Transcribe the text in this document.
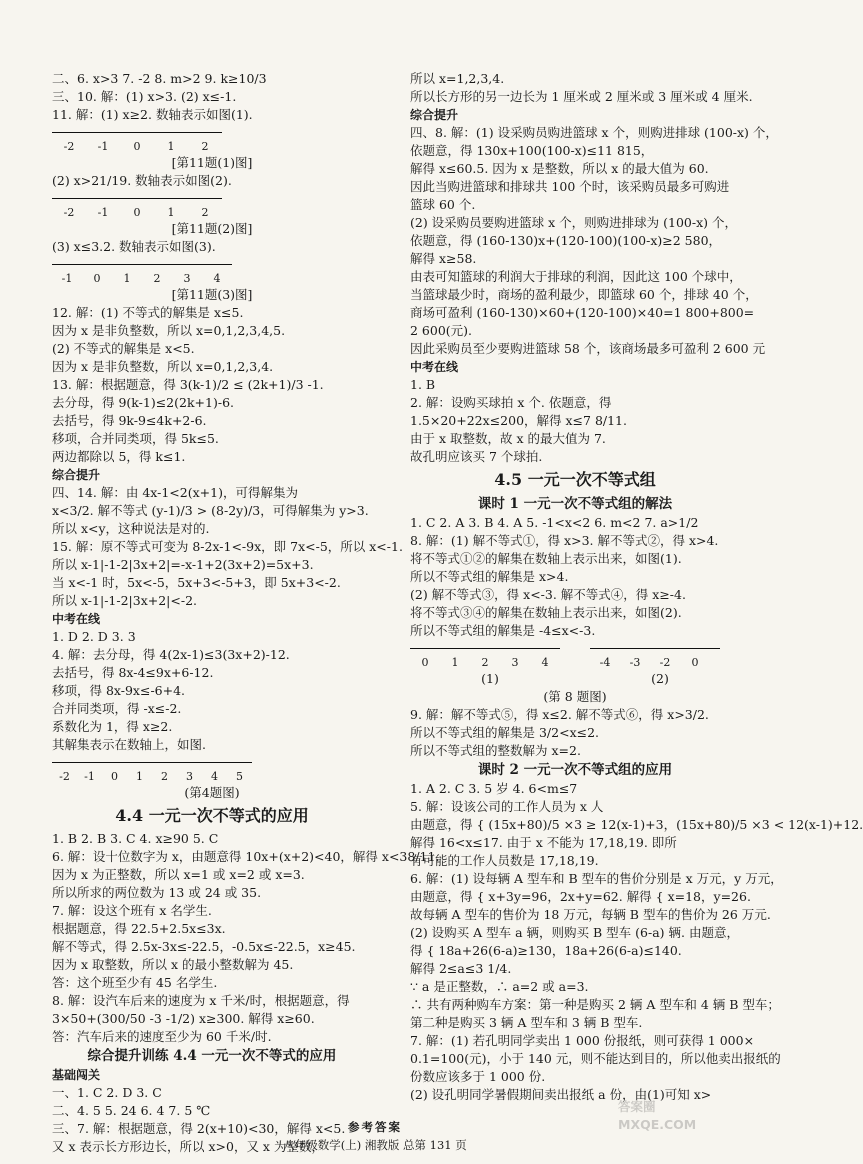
二、6. x>3 7. -2 8. m>2 9. k≥10/3
三、10. 解：(1) x>3. (2) x≤-1.
11. 解：(1) x≥2. 数轴表示如图(1).
-2	-1	0	1	2
[第11题(1)图]
(2) x>21/19. 数轴表示如图(2).
-2	-1	0	1	2
[第11题(2)图]
(3) x≤3.2. 数轴表示如图(3).
-1	0	1	2	3	4
[第11题(3)图]
12. 解：(1) 不等式的解集是 x≤5.
因为 x 是非负整数，所以 x=0,1,2,3,4,5.
(2) 不等式的解集是 x<5.
因为 x 是非负整数，所以 x=0,1,2,3,4.
13. 解：根据题意，得 3(k-1)/2 ≤ (2k+1)/3 -1.
去分母，得 9(k-1)≤2(2k+1)-6.
去括号，得 9k-9≤4k+2-6.
移项，合并同类项，得 5k≤5.
两边都除以 5，得 k≤1.
综合提升
四、14. 解：由 4x-1<2(x+1)，可得解集为
x<3/2. 解不等式 (y-1)/3 > (8-2y)/3，可得解集为 y>3.
所以 x<y，这种说法是对的.
15. 解：原不等式可变为 8-2x-1<-9x，即 7x<-5，所以 x<-1.
所以 x-1|-1-2|3x+2|=-x-1+2(3x+2)=5x+3.
当 x<-1 时，5x<-5，5x+3<-5+3，即 5x+3<-2.
所以 x-1|-1-2|3x+2|<-2.
中考在线
1. D 2. D 3. 3
4. 解：去分母，得 4(2x-1)≤3(3x+2)-12.
去括号，得 8x-4≤9x+6-12.
移项，得 8x-9x≤-6+4.
合并同类项，得 -x≤-2.
系数化为 1，得 x≥2.
其解集表示在数轴上，如图.
-2	-1	0	1	2	3	4	5
(第4题图)
4.4 一元一次不等式的应用
1. B 2. B 3. C 4. x≥90 5. C
6. 解：设十位数字为 x，由题意得 10x+(x+2)<40，解得 x<38/11.
因为 x 为正整数，所以 x=1 或 x=2 或 x=3.
所以所求的两位数为 13 或 24 或 35.
7. 解：设这个班有 x 名学生.
根据题意，得 22.5+2.5x≤3x.
解不等式，得 2.5x-3x≤-22.5，-0.5x≤-22.5，x≥45.
因为 x 取整数，所以 x 的最小整数解为 45.
答：这个班至少有 45 名学生.
8. 解：设汽车后来的速度为 x 千米/时，根据题意，得
3×50+(300/50 -3 -1/2) x≥300. 解得 x≥60.
答：汽车后来的速度至少为 60 千米/时.
综合提升训练 4.4 一元一次不等式的应用
基础闯关
一、1. C 2. D 3. C
二、4. 5 5. 24 6. 4 7. 5 ℃
三、7. 解：根据题意，得 2(x+10)<30，解得 x<5.
又 x 表示长方形边长，所以 x>0，又 x 为整数，
所以 x=1,2,3,4.
所以长方形的另一边长为 1 厘米或 2 厘米或 3 厘米或 4 厘米.
综合提升
四、8. 解：(1) 设采购员购进篮球 x 个，则购进排球 (100-x) 个，
依题意，得 130x+100(100-x)≤11 815，
解得 x≤60.5. 因为 x 是整数，所以 x 的最大值为 60.
因此当购进篮球和排球共 100 个时，该采购员最多可购进
篮球 60 个.
(2) 设采购员要购进篮球 x 个，则购进排球为 (100-x) 个，
依题意，得 (160-130)x+(120-100)(100-x)≥2 580，
解得 x≥58.
由表可知篮球的利润大于排球的利润，因此这 100 个球中，
当篮球最少时，商场的盈利最少，即篮球 60 个，排球 40 个，
商场可盈利 (160-130)×60+(120-100)×40=1 800+800=
2 600(元).
因此采购员至少要购进篮球 58 个，该商场最多可盈利 2 600 元
中考在线
1. B
2. 解：设购买球拍 x 个. 依题意，得
1.5×20+22x≤200，解得 x≤7 8/11.
由于 x 取整数，故 x 的最大值为 7.
故孔明应该买 7 个球拍.
4.5 一元一次不等式组
课时 1 一元一次不等式组的解法
1. C 2. A 3. B 4. A 5. -1<x<2 6. m<2 7. a>1/2
8. 解：(1) 解不等式①，得 x>3. 解不等式②，得 x>4.
将不等式①②的解集在数轴上表示出来，如图(1).
所以不等式组的解集是 x>4.
(2) 解不等式③，得 x<-3. 解不等式④，得 x≥-4.
将不等式③④的解集在数轴上表示出来，如图(2).
所以不等式组的解集是 -4≤x<-3.
0	1	2	3	4
(1)
-4	-3	-2	0
(2)
(第 8 题图)
9. 解：解不等式⑤，得 x≤2. 解不等式⑥，得 x>3/2.
所以不等式组的解集是 3/2<x≤2.
所以不等式组的整数解为 x=2.
课时 2 一元一次不等式组的应用
1. A 2. C 3. 5 岁 4. 6<m≤7
5. 解：设该公司的工作人员为 x 人
由题意，得 { (15x+80)/5 ×3 ≥ 12(x-1)+3，(15x+80)/5 ×3 < 12(x-1)+12.
解得 16<x≤17. 由于 x 不能为 17,18,19. 即所
有可能的工作人员数是 17,18,19.
6. 解：(1) 设每辆 A 型车和 B 型车的售价分别是 x 万元，y 万元，
由题意，得 { x+3y=96，2x+y=62. 解得 { x=18，y=26.
故每辆 A 型车的售价为 18 万元，每辆 B 型车的售价为 26 万元.
(2) 设购买 A 型车 a 辆，则购买 B 型车 (6-a) 辆. 由题意，
得 { 18a+26(6-a)≥130，18a+26(6-a)≤140.
解得 2≤a≤3 1/4.
∵ a 是正整数，∴ a=2 或 a=3.
∴ 共有两种购车方案：第一种是购买 2 辆 A 型车和 4 辆 B 型车；
第二种是购买 3 辆 A 型车和 3 辆 B 型车.
7. 解：(1) 若孔明同学卖出 1 000 份报纸，则可获得 1 000×
0.1=100(元)，小于 140 元，则不能达到目的，所以他卖出报纸的
份数应该多于 1 000 份.
(2) 设孔明同学暑假期间卖出报纸 a 份，由(1)可知 x>
参考答案
八年级数学(上) 湘教版 总第 131 页
答案圈 MXQE.COM
